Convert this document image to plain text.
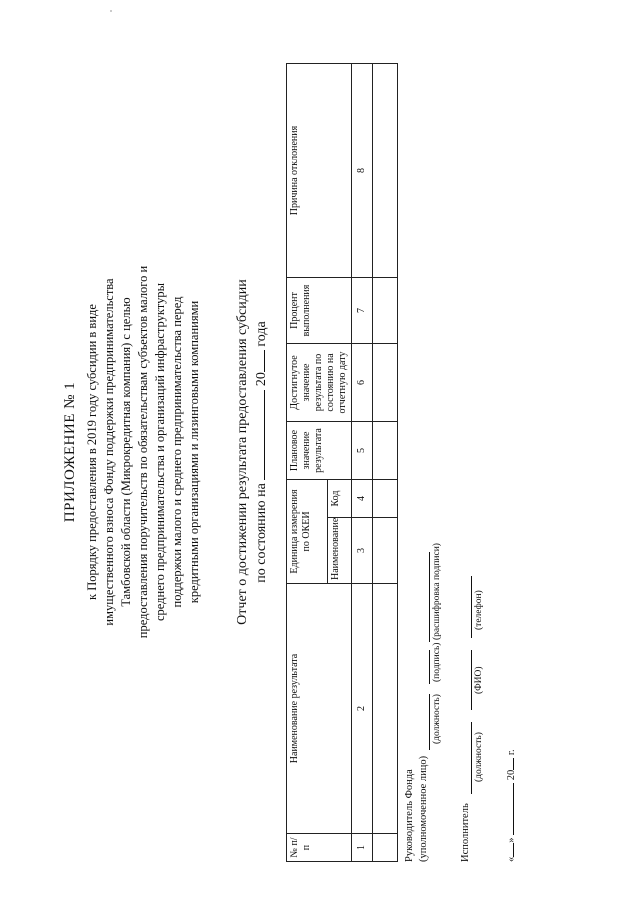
ПРИЛОЖЕНИЕ № 1 к Порядку предоставления в 2019 году субсидии в виде имущественного взноса Фонду поддержки предпринимательства Тамбовской области (Микрокредитная компания) с целью предоставления поручительств по обязательствам субъектов малого и среднего предпринимательства и организаций инфраструктуры поддержки малого и среднего предпринимательства перед кредитными организациями и лизинговыми компаниями Отчет о достижении результата предоставления субсидии по состоянию на  20 года
№ п/п	Наименование результата	Единица измерения по ОКЕИ		Плановое значение результата	Достигнутое значение результата по состоянию на отчетную дату	Процент выполнения	Причина отклонения
		Наименование	Код				
1	2	3	4	5	6	7	8

Руководитель Фонда (уполномоченное лицо)
(должность)
(подпись)
(расшифровка подписи)
Исполнитель
(должность)
(ФИО)
(телефон)
«»  20 г.
